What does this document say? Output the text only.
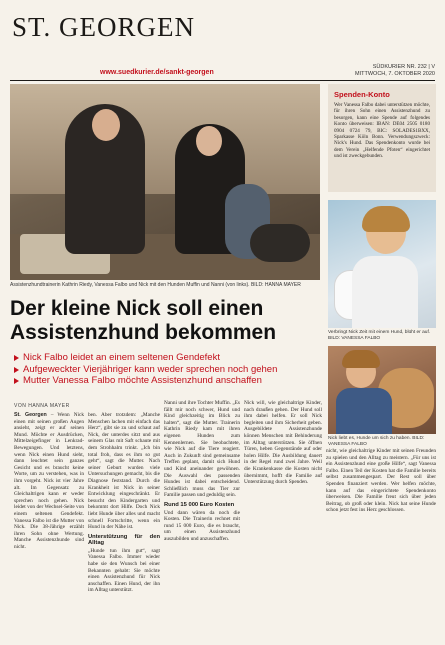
ST. GEORGEN
www.suedkurier.de/sankt-georgen
SÜDKURIER NR. 232 | V
MITTWOCH, 7. OKTOBER 2020
Assistenzhundtrainerin Kathrin Riedy, Vanessa Falbo und Nick mit den Hunden Muffin und Nanni (von links). BILD: HANNA MAYER
Der kleine Nick soll einen Assistenzhund bekommen
Nick Falbo leidet an einem seltenen Gendefekt
Aufgeweckter Vierjähriger kann weder sprechen noch gehen
Mutter Vanessa Falbo möchte Assistenzhund anschaffen
VON HANNA MAYER

St. Georgen – Wenn Nick einen mit seinen großen Augen ansieht, zeigt er auf seinen Mund. Möchte er Ausdrücken, Mittelzeigefinger in Lenkrad-Bewegungen. Und letztens, wenn Nick einen Hund sieht, dann leuchtet sein ganzes Gesicht und es braucht keine Worte, um zu verstehen, was in ihm vorgeht. Nick ist vier Jahre alt. Im Gegensatz zu Gleichaltrigen kann er weder sprechen noch gehen. Nick leidet von der Wechsel-Seite von einem seltenen Gendefekt. Vanessa Falbo ist die Mutter von Nick. Die 38-Jährige erzählt ihren Sohn ohne Wertung. Manche Assistenzhunde sind nicht.

ben. Aber trotzdem: „Manche Menschen lachen mit einfach das Herz“, gibt sie zu und schaut auf Nick, der unterdes sitzt und aus seinem Glas mit Saft schaute mit dem Strohhalm trinkt. „Ich bin total froh, dass es ihm so gut geht“, sagt die Mutter. Nach seiner Geburt wurden viele Untersuchungen gemacht, bis die Diagnose feststand. Durch die Krankheit ist Nick in seiner Entwicklung eingeschränkt. Er besucht den Kindergarten und bekommt dort Hilfe. Doch Nick liebt Hunde über alles und macht schnell Fortschritte, wenn ein Hund in der Nähe ist.

Unterstützung für den Alltag

„Hunde tun ihm gut“, sagt Vanessa Falbo. Immer wieder habe sie den Wunsch bei einer Bekannten gehabt: Sie möchte einen Assistenzhund für Nick anschaffen. Einen Hund, der ihn im Alltag unterstützt.

Nanni und ihre Tochter Muffin. „Es fällt mir noch schwer, Hund und Kind gleichzeitig im Blick zu halten“, sagt die Mutter. Trainerin Kathrin Riedy kam mit ihren eigenen Hunden zum Kennenlernen. Sie beobachtete, wie Nick auf die Tiere reagiert. Auch in Zukunft sind gemeinsame Treffen geplant, damit sich Hund und Kind aneinander gewöhnen. Die Auswahl des passenden Hundes ist dabei entscheidend. Schließlich muss das Tier zur Familie passen und geduldig sein.

Rund 15 000 Euro Kosten

Und dann wären da noch die Kosten. Die Trainerin rechnet mit rund 15 000 Euro, die es braucht, um einen Assistenzhund auszubilden und anzuschaffen.

Nick will, wie gleichaltrige Kinder, nach draußen gehen. Der Hund soll ihm dabei helfen. Er soll Nick begleiten und ihm Sicherheit geben. Ausgebildete Assistenzhunde können Menschen mit Behinderung im Alltag unterstützen. Sie öffnen Türen, heben Gegenstände auf oder holen Hilfe. Die Ausbildung dauert in der Regel rund zwei Jahre. Weil die Krankenkasse die Kosten nicht übernimmt, hofft die Familie auf Unterstützung durch Spenden.

Spenden-Konto
Wer Vanessa Falbo dabei unterstützen möchte, für ihren Sohn einen Assistenzhund zu besorgen, kann eine Spende auf folgendes Konto überweisen: IBAN: DE04 2505 0180 0904 0724 79, BIC: SOLADES1BXX, Sparkasse Köln Bonn. Verwendungszweck: Nick's Hund. Das Spendenkonto wurde bei dem Verein „Helfende Pfoten“ eingerichtet und ist zweckgebunden.
Verbringt Nick Zeit mit einem Hund, blüht er auf. BILD: VANESSA FALBO
Nick liebt es, Hunde um sich zu haben. BILD: VANESSA FALBO

nicht, wie gleichaltrige Kinder mit seinen Freunden zu spielen und den Alltag zu meistern. „Für uns ist ein Assistenzhund eine große Hilfe“, sagt Vanessa Falbo. Einen Teil der Kosten hat die Familie bereits selbst zusammengespart. Der Rest soll über Spenden finanziert werden. Wer helfen möchte, kann auf das eingerichtete Spendenkonto überweisen. Die Familie freut sich über jeden Beitrag, ob groß oder klein. Nick hat seine Hunde schon jetzt fest ins Herz geschlossen.
